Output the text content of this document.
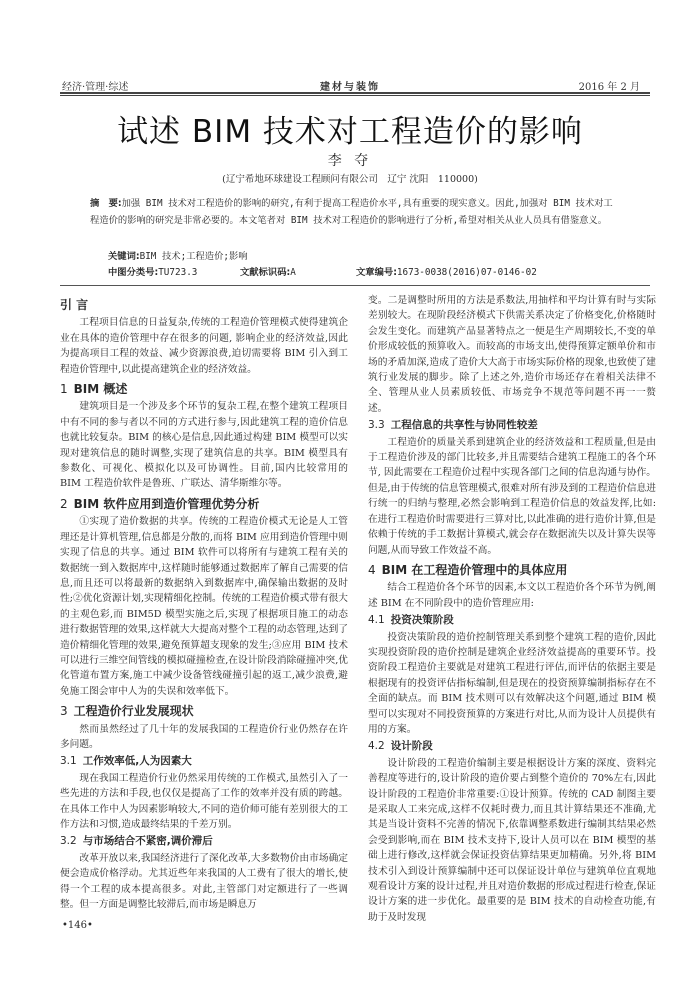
经济·管理·综述	建材与装饰	2016 年 2 月
试述 BIM 技术对工程造价的影响
李 夺
(辽宁希地环球建设工程顾问有限公司　辽宁 沈阳　110000)
摘　要:加强 BIM 技术对工程造价的影响的研究,有利于提高工程造价水平,具有重要的现实意义。因此,加强对 BIM 技术对工程造价的影响的研究是非常必要的。本文笔者对 BIM 技术对工程造价的影响进行了分析,希望对相关从业人员具有借鉴意义。
关键词:BIM 技术;工程造价;影响
中图分类号:TU723.3	文献标识码:A	文章编号:1673-0038(2016)07-0146-02
引 言

工程项目信息的日益复杂,传统的工程造价管理模式使得建筑企业在具体的造价管理中存在很多的问题, 影响企业的经济效益,因此为提高项目工程的效益、减少资源浪费,迫切需要将 BIM 引入到工程造价管理中,以此提高建筑企业的经济效益。

1 BIM 概述

建筑项目是一个涉及多个环节的复杂工程,在整个建筑工程项目中有不同的参与者以不同的方式进行参与,因此建筑工程的造价信息也就比较复杂。BIM 的核心是信息,因此通过构建 BIM 模型可以实现对建筑信息的随时调整,实现了建筑信息的共享。BIM 模型具有参数化、可视化、模拟化以及可协调性。目前,国内比较常用的 BIM 工程造价软件是鲁班、广联达、清华斯维尔等。

2 BIM 软件应用到造价管理优势分析

①实现了造价数据的共享。传统的工程造价模式无论是人工管理还是计算机管理,信息都是分散的,而将 BIM 应用到造价管理中则实现了信息的共享。通过 BIM 软件可以将所有与建筑工程有关的数据统一到入数据库中,这样随时能够通过数据库了解自己需要的信息,而且还可以将最新的数据纳入到数据库中,确保输出数据的及时性;②优化资源计划,实现精细化控制。传统的工程造价模式带有很大的主观色彩,而 BIM5D 模型实施之后,实现了根据项目施工的动态进行数据管理的效果,这样就大大提高对整个工程的动态管理,达到了造价精细化管理的效果,避免预算超支现象的发生;③应用 BIM 技术可以进行三维空间管线的模拟碰撞检查,在设计阶段消除碰撞冲突,优化管道布置方案,施工中减少设备管线碰撞引起的返工,减少浪费,避免施工图会审中人为的失误和效率低下。

3 工程造价行业发展现状

然而虽然经过了几十年的发展我国的工程造价行业仍然存在许多问题。

3.1 工作效率低,人为因素大

现在我国工程造价行业仍然采用传统的工作模式,虽然引入了一些先进的方法和手段,也仅仅是提高了工作的效率并没有质的跨越。在具体工作中人为因素影响较大,不同的造价师可能有差别很大的工作方法和习惯,造成最终结果的千差万别。

3.2 与市场结合不紧密,调价滞后

改革开放以来,我国经济进行了深化改革,大多数物价由市场确定便会造成价格浮动。尤其近些年来我国的人工费有了很大的增长,使得一个工程的成本提高很多。对此,主管部门对定额进行了一些调整。但一方面是调整比较滞后,而市场是瞬息万

变。二是调整时所用的方法是系数法,用抽样和平均计算有时与实际差别较大。在现阶段经济模式下供需关系决定了价格变化,价格随时会发生变化。而建筑产品显著特点之一便是生产周期较长,不变的单价形成较低的预算收入。而较高的市场支出,使得预算定额单价和市场的矛盾加深,造成了造价大大高于市场实际价格的现象,也致使了建筑行业发展的脚步。除了上述之外,造价市场还存在着相关法律不全、管理从业人员素质较低、市场竞争不规范等问题不再一一赘述。

3.3 工程信息的共享性与协同性较差

工程造价的质量关系到建筑企业的经济效益和工程质量,但是由于工程造价涉及的部门比较多,并且需要结合建筑工程施工的各个环节, 因此需要在工程造价过程中实现各部门之间的信息沟通与协作。但是,由于传统的信息管理模式,很难对所有涉及到的工程造价信息进行统一的归纳与整理,必然会影响到工程造价信息的效益发挥,比如:在进行工程造价时需要进行三算对比,以此准确的进行造价计算,但是依赖于传统的手工数据计算模式,就会存在数据流失以及计算失误等问题,从而导致工作效益不高。

4 BIM 在工程造价管理中的具体应用

结合工程造价各个环节的因素,本文以工程造价各个环节为例,阐述 BIM 在不同阶段中的造价管理应用:

4.1 投资决策阶段

投资决策阶段的造价控制管理关系到整个建筑工程的造价,因此实现投资阶段的造价控制是建筑企业经济效益提高的重要环节。投资阶段工程造价主要就是对建筑工程进行评估,而评估的依据主要是根据现有的投资评估指标编制,但是现在的投资预算编制指标存在不全面的缺点。而 BIM 技术则可以有效解决这个问题,通过 BIM 模型可以实现对不同投资预算的方案进行对比,从而为设计人员提供有用的方案。

4.2 设计阶段

设计阶段的工程造价编制主要是根据设计方案的深度、资料完善程度等进行的,设计阶段的造价要占到整个造价的 70%左右,因此设计阶段的工程造价非常重要:①设计预算。传统的 CAD 制图主要是采取人工来完成,这样不仅耗时费力,而且其计算结果还不准确,尤其是当设计资料不完善的情况下,依靠调整系数进行编制其结果必然会受到影响,而在 BIM 技术支持下,设计人员可以在 BIM 模型的基础上进行修改,这样就会保证投资估算结果更加精确。另外,将 BIM 技术引入到设计预算编制中还可以保证设计单位与建筑单位直观地观看设计方案的设计过程,并且对造价数据的形成过程进行检查,保证设计方案的进一步优化。最重要的是 BIM 技术的自动检查功能,有助于及时发现

•146•
